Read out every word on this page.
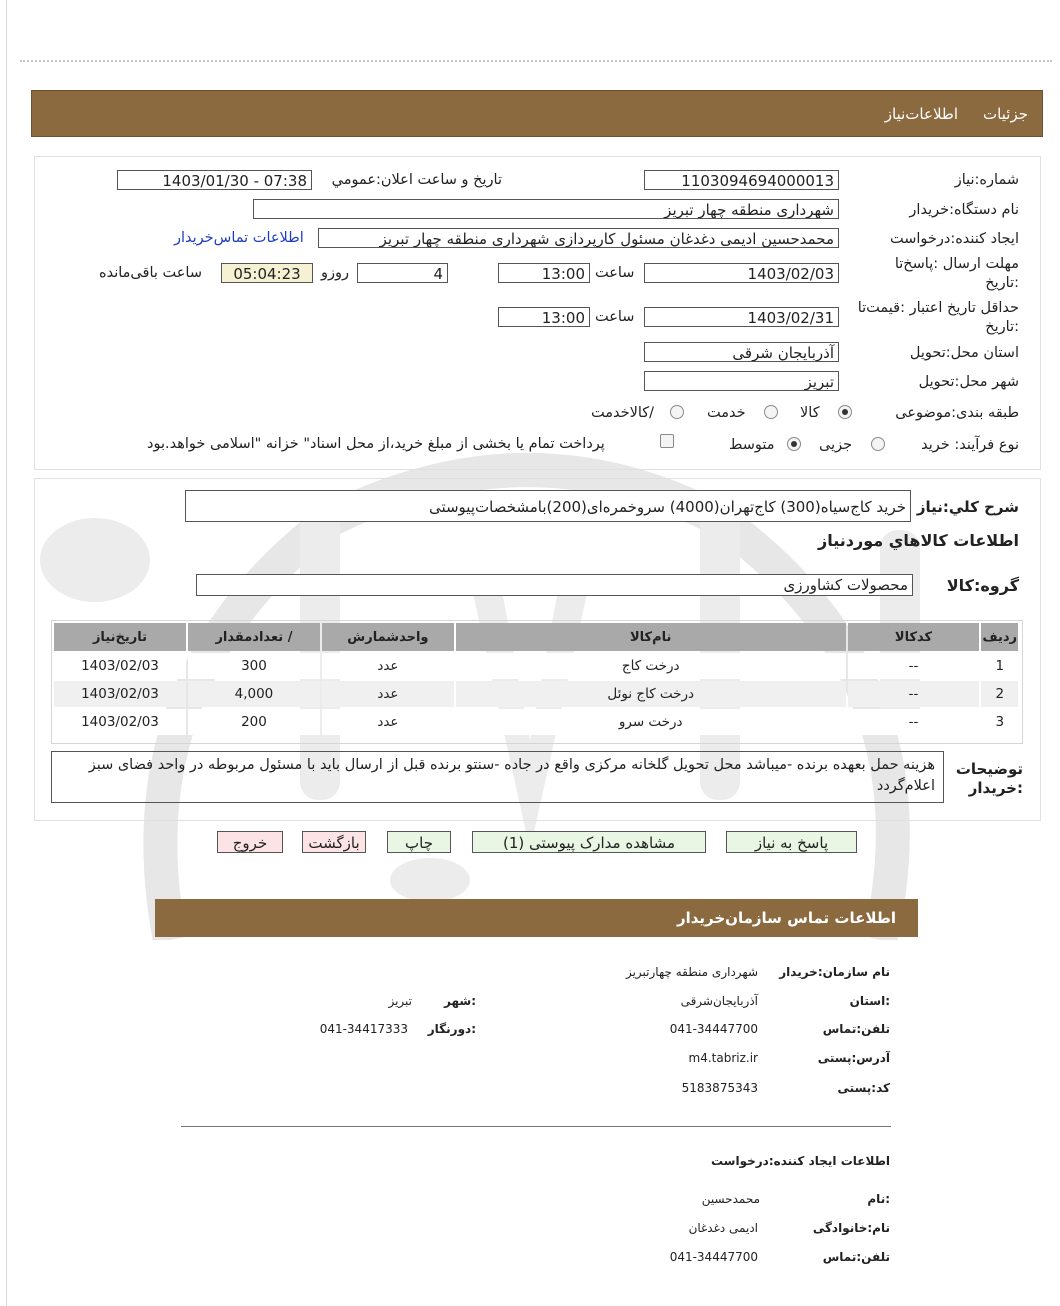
جزئیات
اطلاعات‌نیاز
شماره:نیاز
1103094694000013
تاریخ و ساعت اعلان:عمومي
1403/01/30 - 07:38
نام دستگاه:خریدار
شهرداری منطقه چهار تبریز
ایجاد کننده:درخواست
محمدحسین ادیمی دغدغان مسئول کارپردازی شهرداری منطقه چهار تبریز
اطلاعات تماس‌خریدار
مهلت ارسال :پاسخ‌تا
:تاریخ
1403/02/03
ساعت
13:00
4
روزو
05:04:23
ساعت باقی‌مانده
حداقل تاریخ اعتبار :قیمت‌تا
:تاریخ
1403/02/31
ساعت
13:00
استان محل:تحویل
آذربایجان شرقی
شهر محل:تحویل
تبریز
طبقه بندی:موضوعی
کالا
خدمت
/کالاخدمت
نوع فرآیند: خرید
جزیی
متوسط
پرداخت تمام یا بخشی از مبلغ خرید،از محل اسناد" خزانه "اسلامی خواهد.بود
شرح کلي:نیاز
خرید کاج‌سیاه(300) کاج‌تهران(4000) سروخمره‌ای(200)بامشخصات‌پیوستی
اطلاعات کالاهاي موردنیاز
گروه:کالا
محصولات کشاورزی
ردیف	کدکالا	نام‌کالا	واحدشمارش	/ تعدادمقدار	تاریخ‌نیاز
1	--	درخت کاج	عدد	300	1403/02/03
2	--	درخت کاج نوئل	عدد	4,000	1403/02/03
3	--	درخت سرو	عدد	200	1403/02/03
توضیحات
:خریدار
هزینه حمل بعهده برنده -میباشد محل تحویل گلخانه مرکزی واقع در جاده -سنتو برنده قبل از ارسال باید با مسئول مربوطه در واحد فضای سبز اعلام‌گردد
پاسخ به نیاز
مشاهده مدارک پیوستی (1)
چاپ
بازگشت
خروج
اطلاعات تماس سازمان‌خریدار
نام سازمان:خریدار
شهرداری منطقه چهار‌تبریز
:استان
آذربایجان‌شرقی
:شهر
تبریز
تلفن:تماس
041-34447700
:دورنگار
041-34417333
آدرس:پستی
m4.tabriz.ir
کد:پستی
5183875343
اطلاعات ایجاد کننده:درخواست
:نام
محمدحسین
نام:خانوادگی
ادیمی دغدغان
تلفن:تماس
041-34447700
